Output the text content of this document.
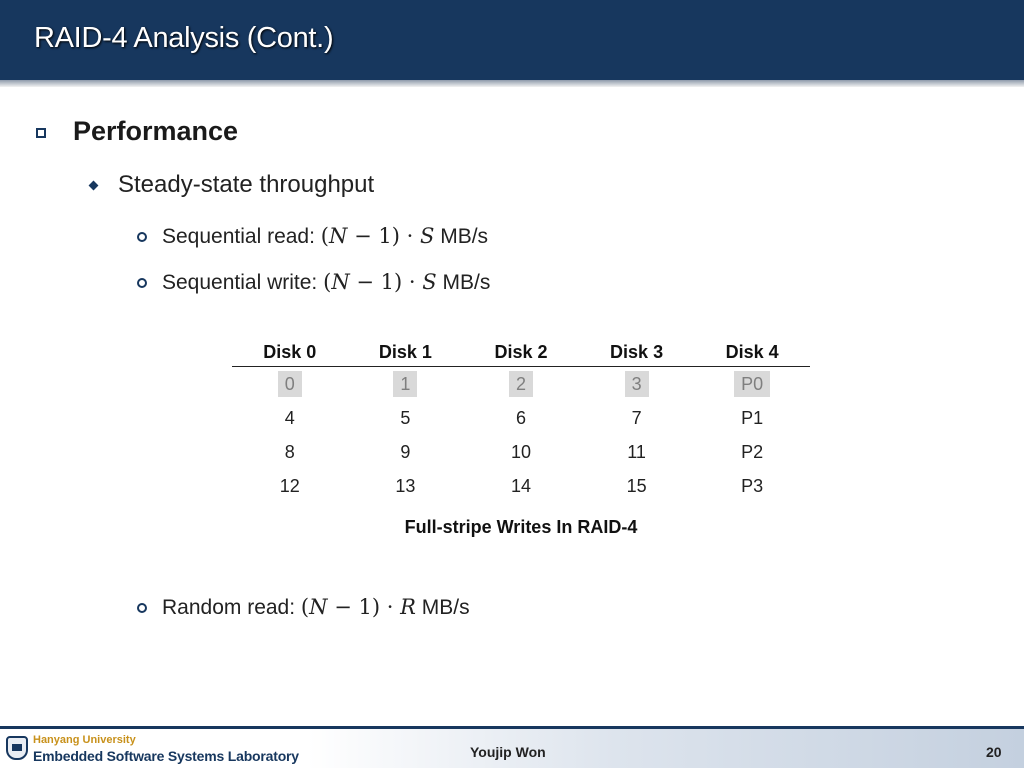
RAID-4 Analysis (Cont.)
Performance
Steady-state throughput
Sequential read: (N − 1) · S MB/s
Sequential write: (N − 1) · S MB/s
Disk 0	Disk 1	Disk 2	Disk 3	Disk 4
0	1	2	3	P0
4	5	6	7	P1
8	9	10	11	P2
12	13	14	15	P3
Full-stripe Writes In RAID-4
Random read: (N − 1) · R MB/s
Hanyang University
Embedded Software Systems Laboratory	Youjip Won	20
